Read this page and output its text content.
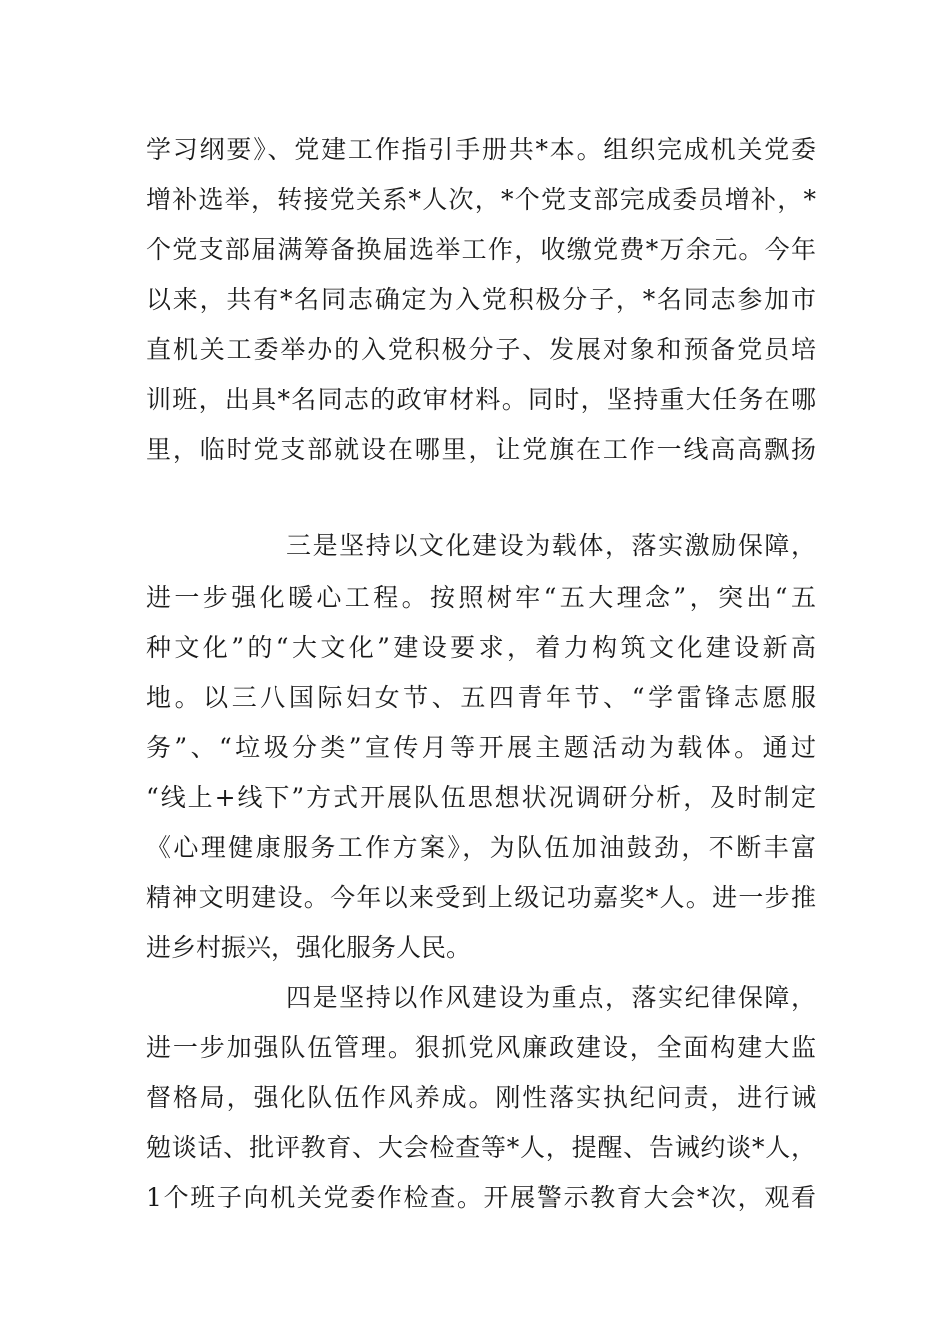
学习纲要》、党建工作指引手册共*本。组织完成机关党委
增补选举，转接党关系*人次，*个党支部完成委员增补，*
个党支部届满筹备换届选举工作，收缴党费*万余元。今年
以来，共有*名同志确定为入党积极分子，*名同志参加市
直机关工委举办的入党积极分子、发展对象和预备党员培
训班，出具*名同志的政审材料。同时，坚持重大任务在哪
里，临时党支部就设在哪里，让党旗在工作一线高高飘扬
三是坚持以文化建设为载体，落实激励保障，
进一步强化暖心工程。按照树牢“五大理念”，突出“五
种文化”的“大文化”建设要求，着力构筑文化建设新高
地。以三八国际妇女节、五四青年节、“学雷锋志愿服
务”、“垃圾分类”宣传月等开展主题活动为载体。通过
“线上+线下”方式开展队伍思想状况调研分析，及时制定
《心理健康服务工作方案》，为队伍加油鼓劲，不断丰富
精神文明建设。今年以来受到上级记功嘉奖*人。进一步推
进乡村振兴，强化服务人民。
四是坚持以作风建设为重点，落实纪律保障，
进一步加强队伍管理。狠抓党风廉政建设，全面构建大监
督格局，强化队伍作风养成。刚性落实执纪问责，进行诫
勉谈话、批评教育、大会检查等*人，提醒、告诫约谈*人，
1个班子向机关党委作检查。开展警示教育大会*次，观看
